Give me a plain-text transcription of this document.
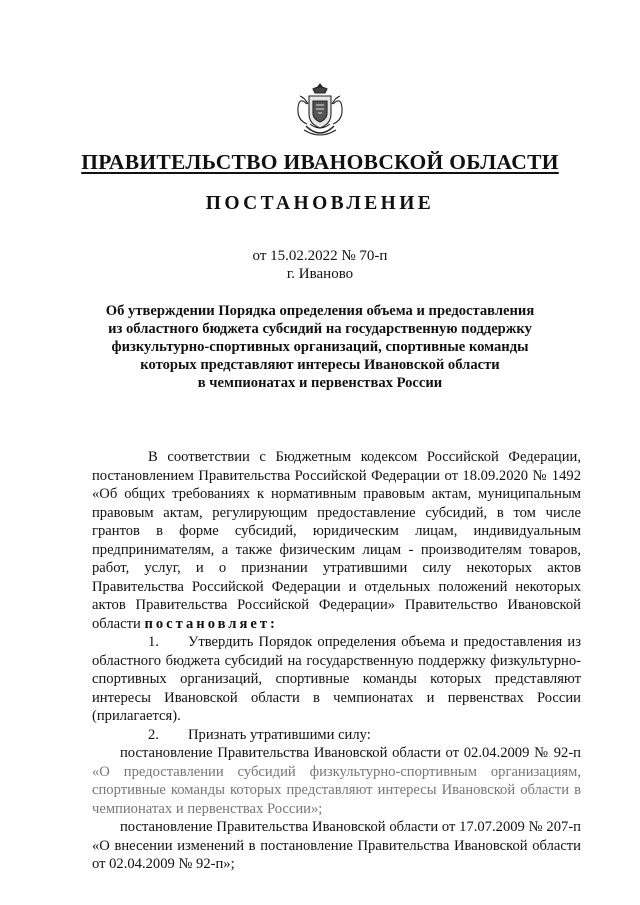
ПРАВИТЕЛЬСТВО ИВАНОВСКОЙ ОБЛАСТИ
ПОСТАНОВЛЕНИЕ
от 15.02.2022 № 70-п
г. Иваново
Об утверждении Порядка определения объема и предоставления
из областного бюджета субсидий на государственную поддержку
физкультурно-спортивных организаций, спортивные команды
которых представляют интересы Ивановской области
в чемпионатах и первенствах России

В соответствии с Бюджетным кодексом Российской Федерации, постановлением Правительства Российской Федерации от 18.09.2020 № 1492 «Об общих требованиях к нормативным правовым актам, муниципальным правовым актам, регулирующим предоставление субсидий, в том числе грантов в форме субсидий, юридическим лицам, индивидуальным предпринимателям, а также физическим лицам - производителям товаров, работ, услуг, и о признании утратившими силу некоторых актов Правительства Российской Федерации и отдельных положений некоторых актов Правительства Российской Федерации» Правительство Ивановской области постановляет:

1. Утвердить Порядок определения объема и предоставления из областного бюджета субсидий на государственную поддержку физкультурно-спортивных организаций, спортивные команды которых представляют интересы Ивановской области в чемпионатах и первенствах России (прилагается).

2. Признать утратившими силу:

постановление Правительства Ивановской области от 02.04.2009 № 92-п «О предоставлении субсидий физкультурно-спортивным организациям, спортивные команды которых представляют интересы Ивановской области в чемпионатах и первенствах России»;

постановление Правительства Ивановской области от 17.07.2009 № 207-п «О внесении изменений в постановление Правительства Ивановской области от 02.04.2009 № 92-п»;
